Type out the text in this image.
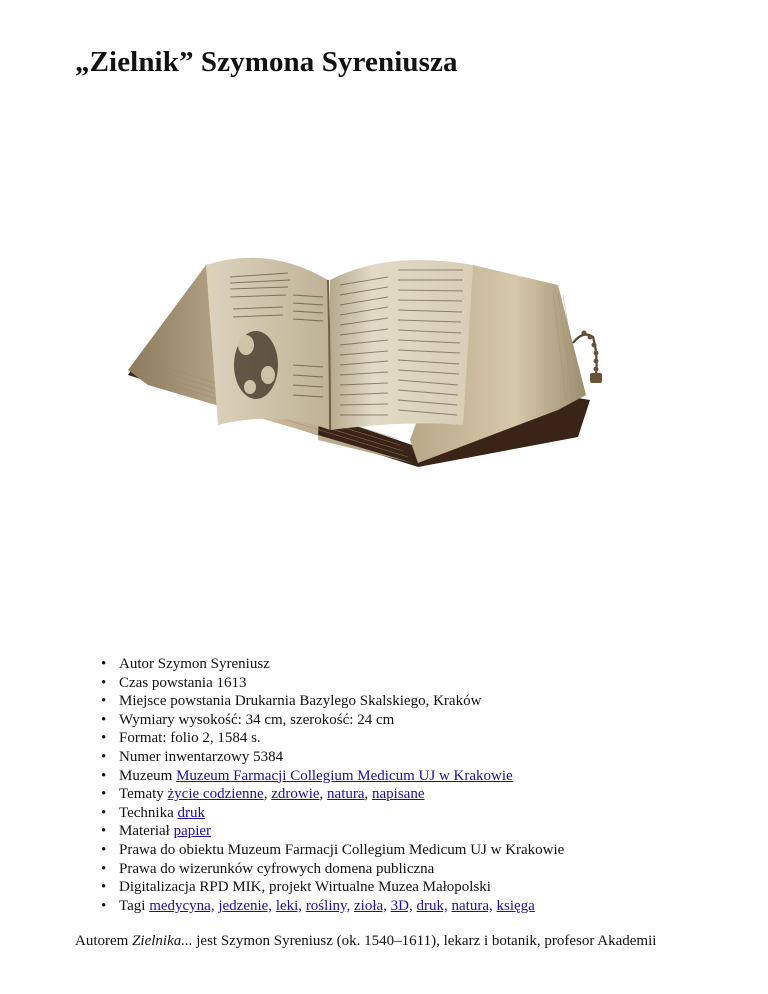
„Zielnik” Szymona Syreniusza
• Autor Szymon Syreniusz
• Czas powstania 1613
• Miejsce powstania Drukarnia Bazylego Skalskiego, Kraków
• Wymiary wysokość: 34 cm, szerokość: 24 cm
• Format: folio 2, 1584 s.
• Numer inwentarzowy 5384
• Muzeum Muzeum Farmacji Collegium Medicum UJ w Krakowie
• Tematy życie codzienne, zdrowie, natura, napisane
• Technika druk
• Materiał papier
• Prawa do obiektu Muzeum Farmacji Collegium Medicum UJ w Krakowie
• Prawa do wizerunków cyfrowych domena publiczna
• Digitalizacja RPD MIK, projekt Wirtualne Muzea Małopolski
• Tagi medycyna, jedzenie, leki, rośliny, zioła, 3D, druk, natura, księga

Autorem Zielnika... jest Szymon Syreniusz (ok. 1540–1611), lekarz i botanik, profesor Akademii
